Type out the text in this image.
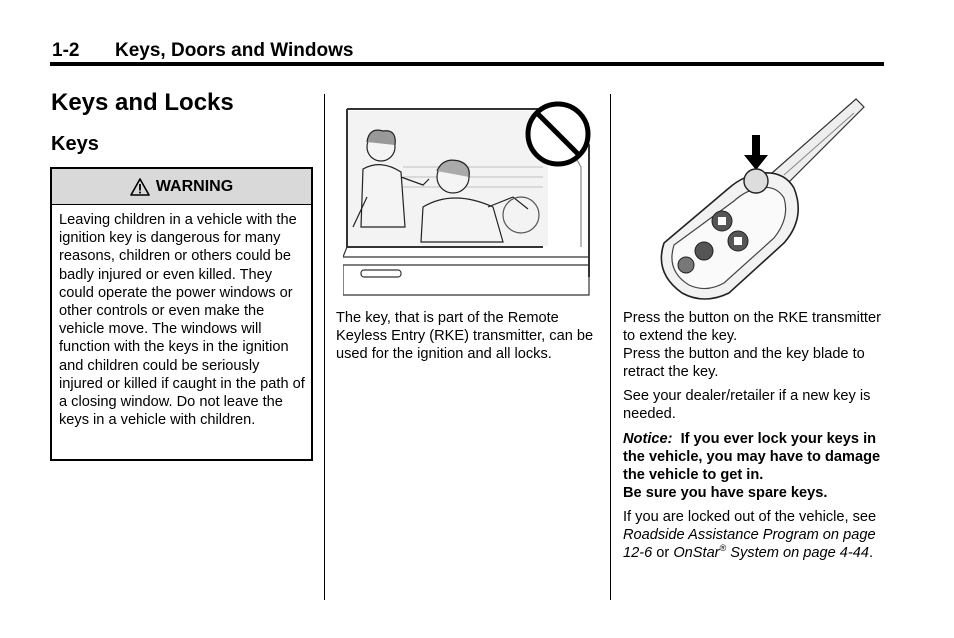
1-2 Keys, Doors and Windows
Keys and Locks
Keys
WARNING
Leaving children in a vehicle with the ignition key is dangerous for many reasons, children or others could be badly injured or even killed. They could operate the power windows or other controls or even make the vehicle move. The windows will function with the keys in the ignition and children could be seriously injured or killed if caught in the path of a closing window. Do not leave the keys in a vehicle with children.
The key, that is part of the Remote Keyless Entry (RKE) transmitter, can be used for the ignition and all locks.
Press the button on the RKE transmitter to extend the key.
Press the button and the key blade to retract the key.
See your dealer/retailer if a new key is needed.
Notice: If you ever lock your keys in the vehicle, you may have to damage the vehicle to get in.
Be sure you have spare keys.
If you are locked out of the vehicle, see Roadside Assistance Program on page 12-6 or OnStar® System on page 4-44.
